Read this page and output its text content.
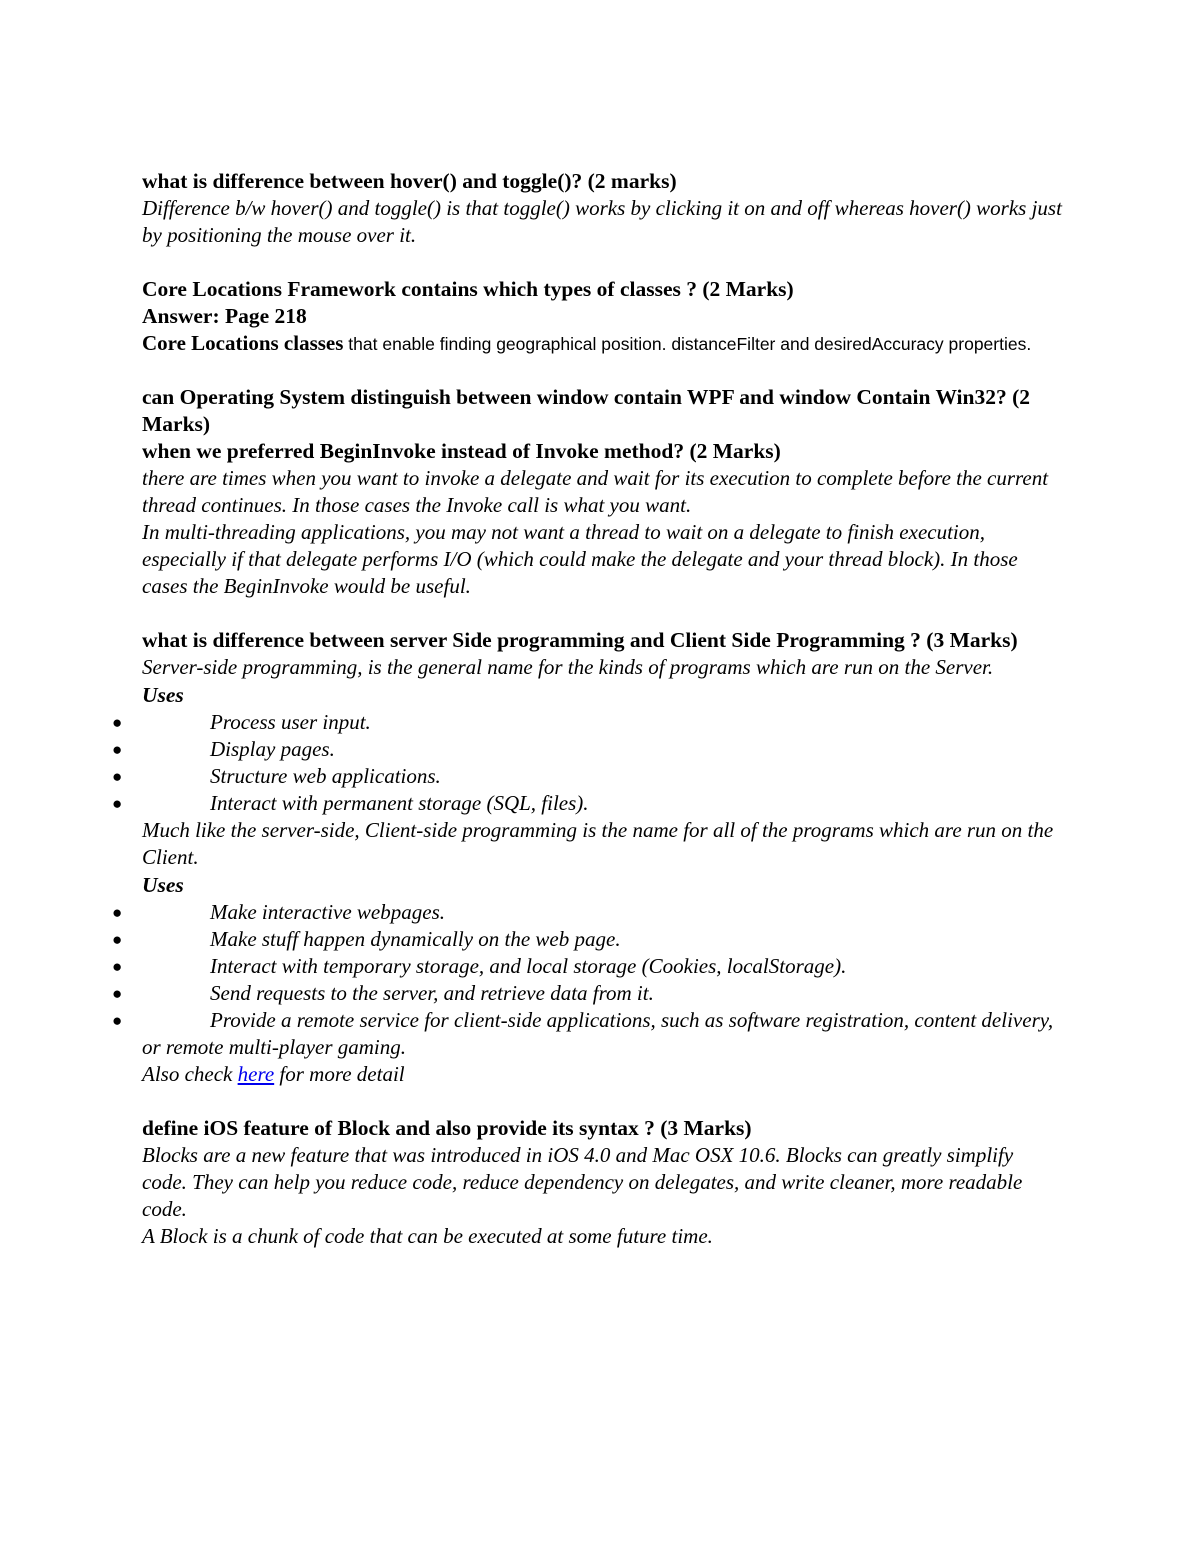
what is difference between hover() and toggle()? (2 marks)

Difference b/w hover() and toggle() is that toggle() works by clicking it on and off whereas hover() works just by positioning the mouse over it.

Core Locations Framework contains which types of classes ? (2 Marks)

Answer: Page 218

Core Locations classes that enable finding geographical position. distanceFilter and desiredAccuracy properties.

can Operating System distinguish between window contain WPF and window Contain Win32? (2 Marks)

when we preferred BeginInvoke instead of Invoke method? (2 Marks)

there are times when you want to invoke a delegate and wait for its execution to complete before the current thread continues. In those cases the Invoke call is what you want.

In multi-threading applications, you may not want a thread to wait on a delegate to finish execution, especially if that delegate performs I/O (which could make the delegate and your thread block). In those cases the BeginInvoke would be useful.

what is difference between server Side programming and Client Side Programming ? (3 Marks)

Server-side programming, is the general name for the kinds of programs which are run on the Server.

Uses

●	Process user input.
●	Display pages.
●	Structure web applications.
●	Interact with permanent storage (SQL, files).

Much like the server-side, Client-side programming is the name for all of the programs which are run on the Client.

Uses

●	Make interactive webpages.
●	Make stuff happen dynamically on the web page.
●	Interact with temporary storage, and local storage (Cookies, localStorage).
●	Send requests to the server, and retrieve data from it.
●	Provide a remote service for client-side applications, such as software registration, content delivery, or remote multi-player gaming.

Also check here for more detail

define iOS feature of Block and also provide its syntax ? (3 Marks)

Blocks are a new feature that was introduced in iOS 4.0 and Mac OSX 10.6. Blocks can greatly simplify code. They can help you reduce code, reduce dependency on delegates, and write cleaner, more readable code.

A Block is a chunk of code that can be executed at some future time.
